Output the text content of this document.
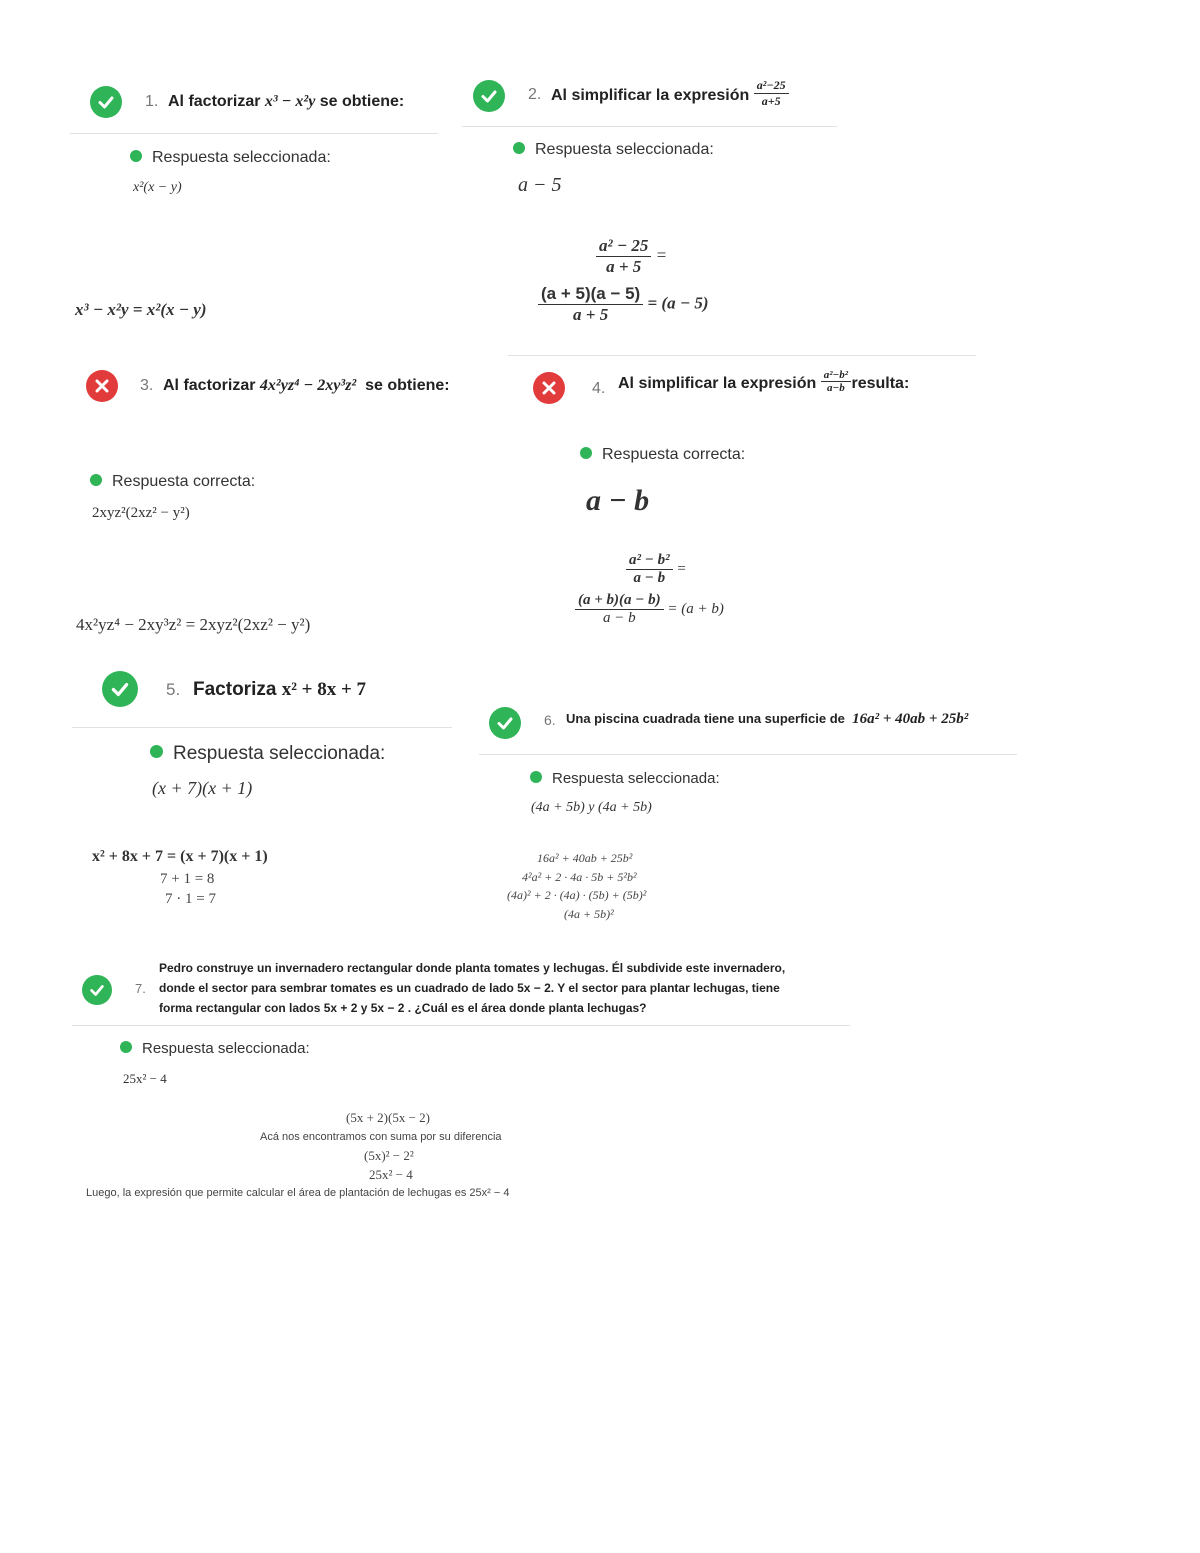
1. Al factorizar x³ − x²y se obtiene:
Respuesta seleccionada:
x²(x − y)
x³ − x²y = x²(x − y)
2. Al simplificar la expresión $\frac{\text{a²−25}}{a+5}$
Respuesta seleccionada:
a − 5
$\frac{\text{a² − 25}}{a + 5}$ =
$\frac{(a + 5)(a - 5)}{a + 5} = (a - 5)$
3. Al factorizar 4x²yz⁴ − 2xy³z² se obtiene:
Respuesta correcta:
2xyz²(2xz² − y²)
4x²yz⁴ − 2xy³z² = 2xyz²(2xz² − y²)
4. Al simplificar la expresión $\frac{\text{a²−b²}}{a-b}$ resulta:
Respuesta correcta:
a − b
$\frac{\text{a² − b²}}{a - b}$ =
$\frac{(a + b)(a - b)}{a - b} = (a + b)$
5. Factoriza x² + 8x + 7
Respuesta seleccionada:
(x + 7)(x + 1)
x² + 8x + 7 = (x + 7)(x + 1)
7 + 1 = 8
7 · 1 = 7
6. Una piscina cuadrada tiene una superficie de 16a² + 40ab + 25b²
Respuesta seleccionada:
(4a + 5b) y (4a + 5b)
16a² + 40ab + 25b²
4²a² + 2 · 4a · 5b + 5²b²
(4a)² + 2 · (4a) · (5b) + (5b)²
(4a + 5b)²
7.
Pedro construye un invernadero rectangular donde planta tomates y lechugas. Él subdivide este invernadero,
donde el sector para sembrar tomates es un cuadrado de lado 5x − 2. Y el sector para plantar lechugas, tiene
forma rectangular con lados 5x + 2 y 5x − 2 . ¿Cuál es el área donde planta lechugas?
Respuesta seleccionada:
25x² − 4
(5x + 2)(5x − 2)
Acá nos encontramos con suma por su diferencia
(5x)² − 2²
25x² − 4
Luego, la expresión que permite calcular el área de plantación de lechugas es 25x² − 4
